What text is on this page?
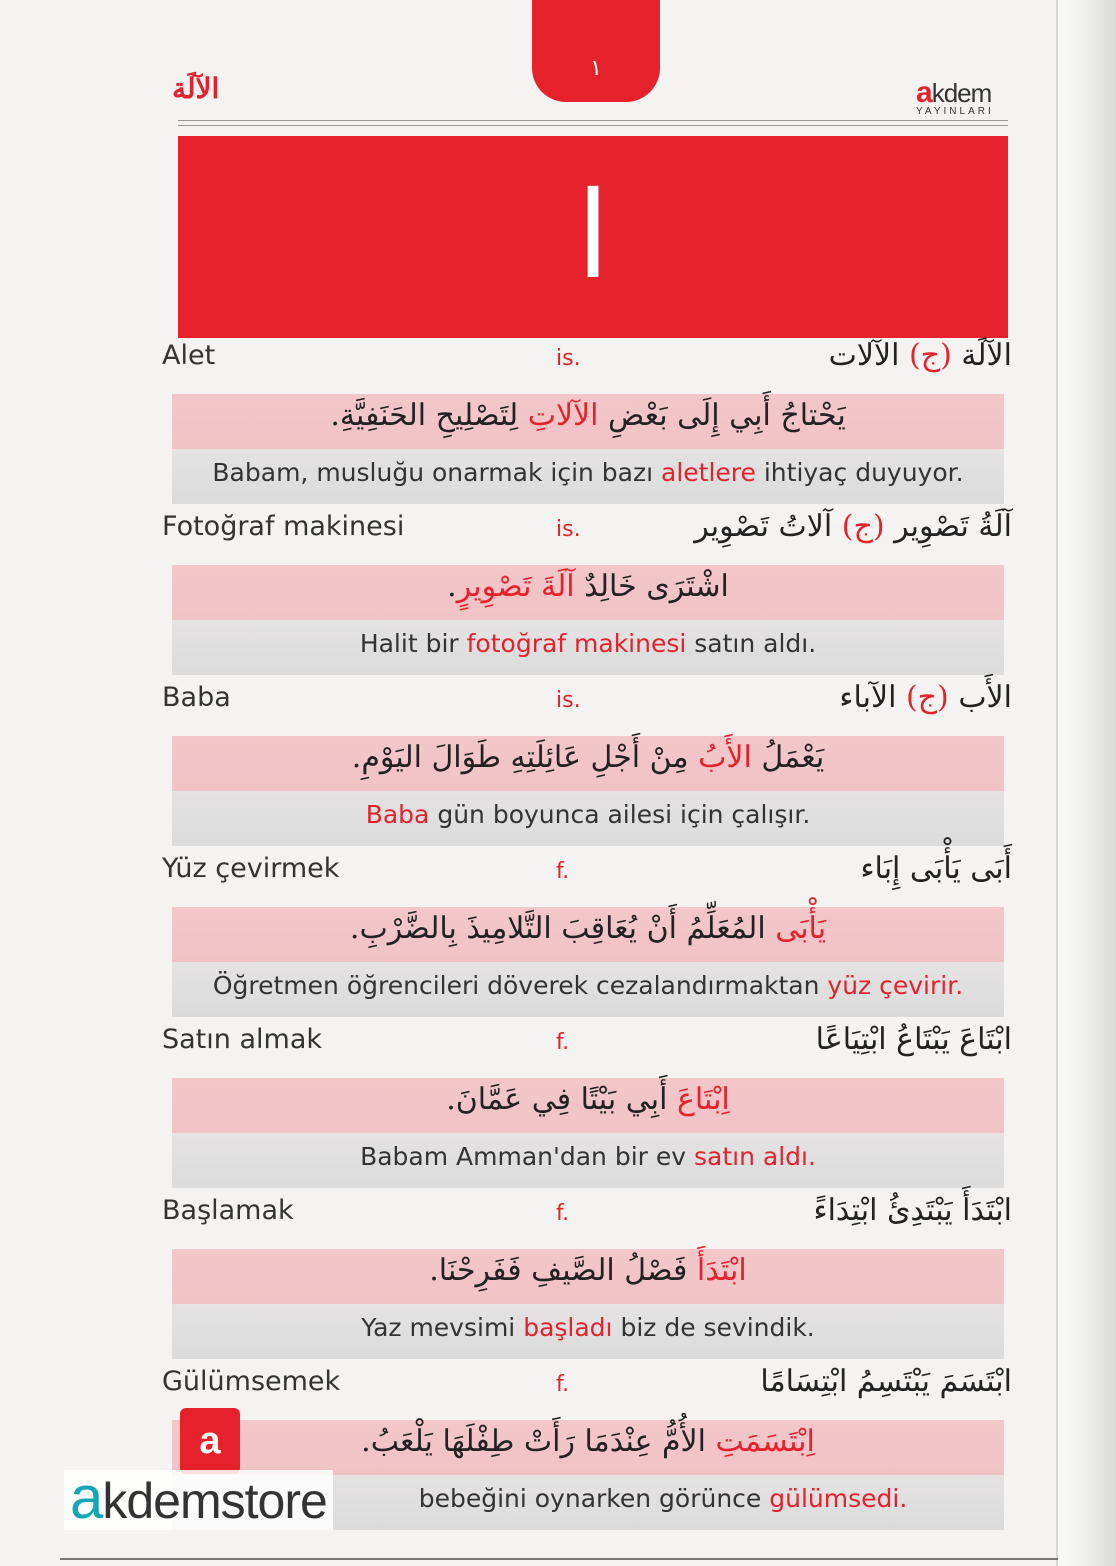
١
الآلَة	akdem
YAYINLARI
ا
Alet	is.	الآلَة (ج) الآلات
يَحْتاجُ أَبِي إِلَى بَعْضِ الآلاتِ لِتَصْلِيحِ الحَنَفِيَّةِ.
Babam, musluğu onarmak için bazı aletlere ihtiyaç duyuyor.
Fotoğraf makinesi	is.	آلَةُ تَصْوِير (ج) آلاتُ تَصْوِير
اشْتَرَى خَالِدٌ آلَةَ تَصْوِيرٍ.
Halit bir fotoğraf makinesi satın aldı.
Baba	is.	الأَب (ج) الآباء
يَعْمَلُ الأَبُ مِنْ أَجْلِ عَائِلَتِهِ طَوَالَ اليَوْمِ.
Baba gün boyunca ailesi için çalışır.
Yüz çevirmek	f.	أَبَى يَأْبَى إِبَاء
يَأْبَى المُعَلِّمُ أَنْ يُعَاقِبَ التَّلامِيذَ بِالضَّرْبِ.
Öğretmen öğrencileri döverek cezalandırmaktan yüz çevirir.
Satın almak	f.	ابْتَاعَ يَبْتَاعُ ابْتِيَاعًا
اِبْتَاعَ أَبِي بَيْتًا فِي عَمَّانَ.
Babam Amman'dan bir ev satın aldı.
Başlamak	f.	ابْتَدَأَ يَبْتَدِئُ ابْتِدَاءً
ابْتَدَأَ فَصْلُ الصَّيفِ فَفَرِحْنَا.
Yaz mevsimi başladı biz de sevindik.
Gülümsemek	f.	ابْتَسَمَ يَبْتَسِمُ ابْتِسَامًا
اِبْتَسَمَتِ الأُمُّ عِنْدَمَا رَأَتْ طِفْلَهَا يَلْعَبُ.
bebeğini oynarken görünce gülümsedi.
a
akdemstore
